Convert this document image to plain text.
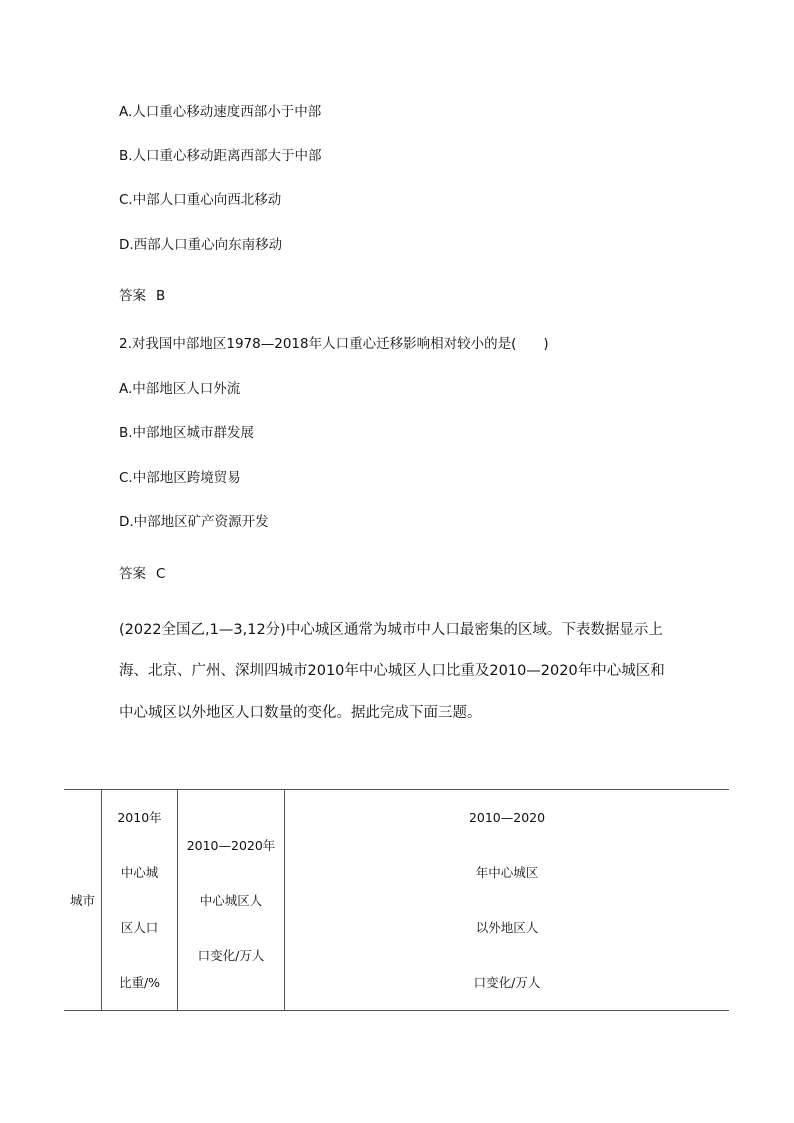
A.人口重心移动速度西部小于中部

B.人口重心移动距离西部大于中部

C.中部人口重心向西北移动

D.西部人口重心向东南移动

答案 B

2.对我国中部地区1978—2018年人口重心迁移影响相对较小的是(　　)

A.中部地区人口外流

B.中部地区城市群发展

C.中部地区跨境贸易

D.中部地区矿产资源开发

答案 C

(2022全国乙,1—3,12分)中心城区通常为城市中人口最密集的区域。下表数据显示上

海、北京、广州、深圳四城市2010年中心城区人口比重及2010—2020年中心城区和

中心城区以外地区人口数量的变化。据此完成下面三题。

城市

2010年
中心城
区人口
比重/%

2010—2020年
中心城区人
口变化/万人

2010—2020
年中心城区
以外地区人
口变化/万人
